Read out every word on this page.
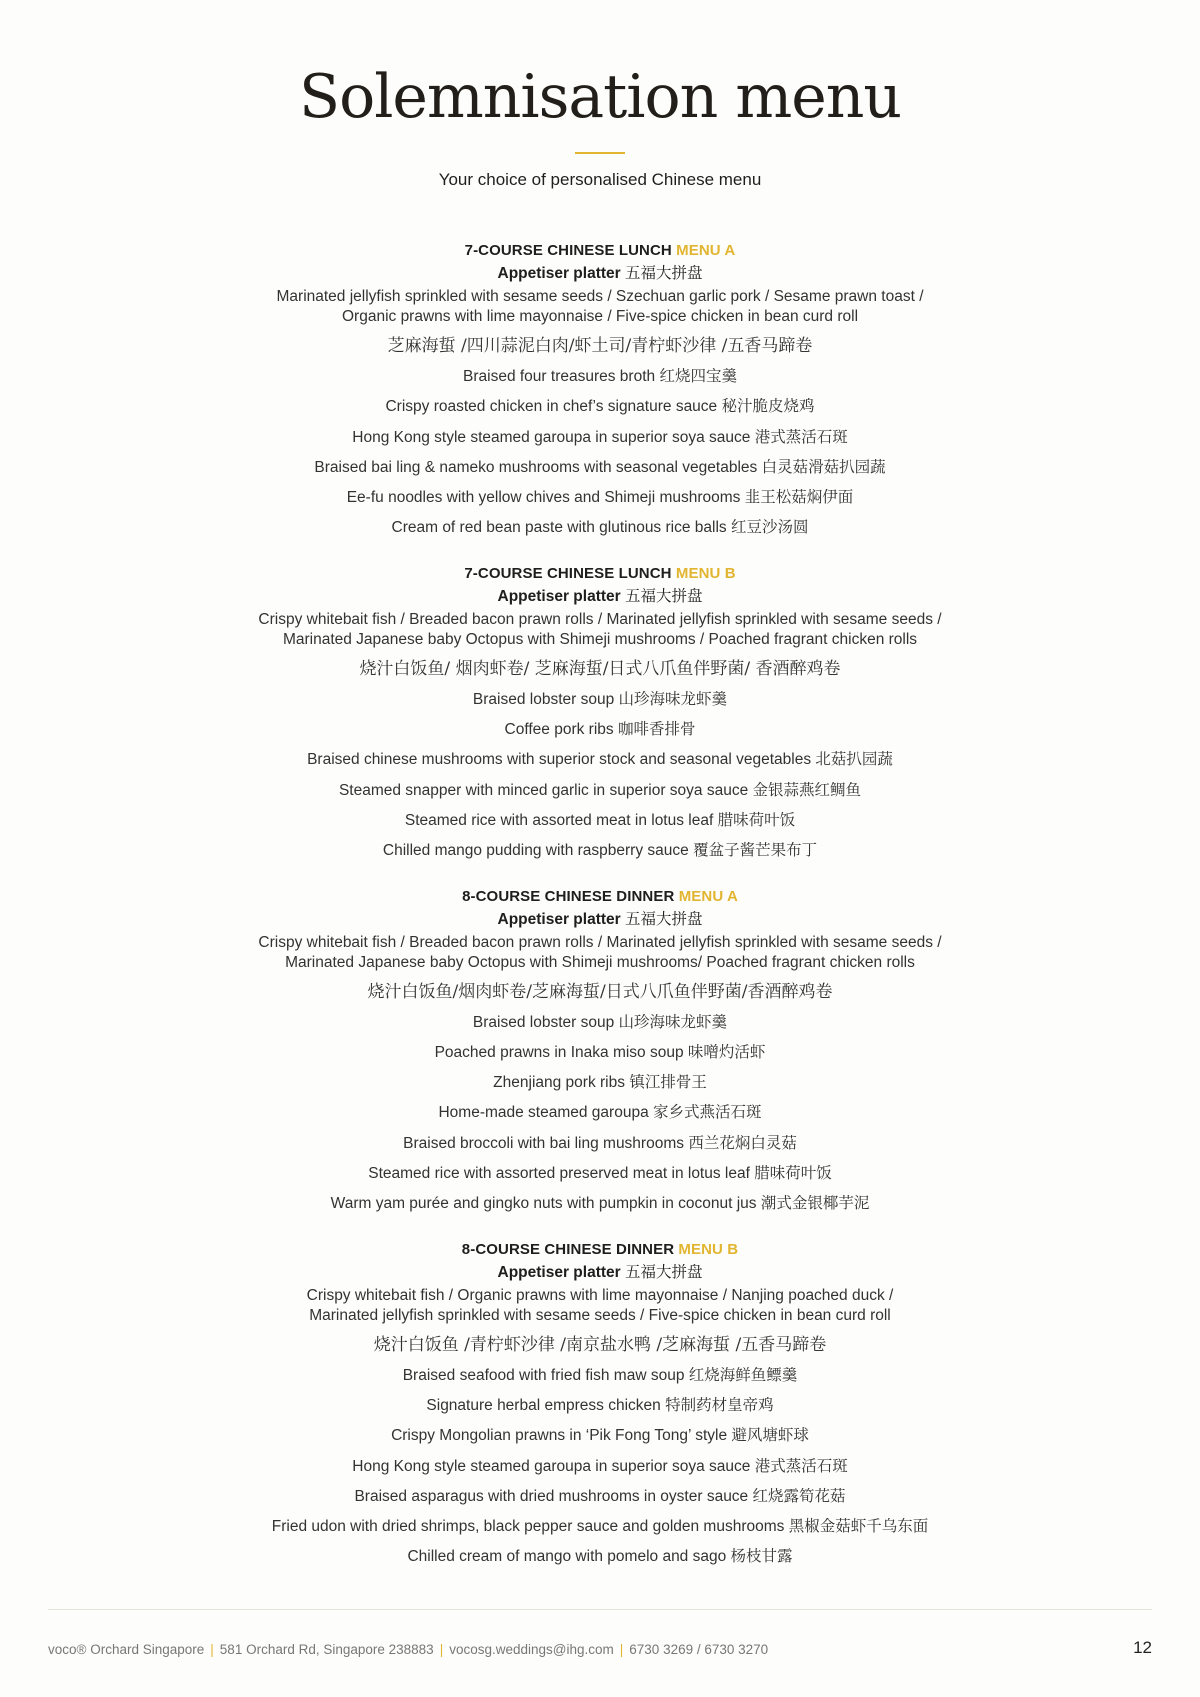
Solemnisation menu
Your choice of personalised Chinese menu
7-COURSE CHINESE LUNCH MENU A
Appetiser platter 五福大拼盘
Marinated jellyfish sprinkled with sesame seeds / Szechuan garlic pork / Sesame prawn toast /
Organic prawns with lime mayonnaise / Five-spice chicken in bean curd roll
芝麻海蜇 /四川蒜泥白肉/虾土司/青柠虾沙律 /五香马蹄卷
Braised four treasures broth 红烧四宝羹
Crispy roasted chicken in chef’s signature sauce 秘汁脆皮烧鸡
Hong Kong style steamed garoupa in superior soya sauce 港式蒸活石斑
Braised bai ling & nameko mushrooms with seasonal vegetables 白灵菇滑菇扒园蔬
Ee-fu noodles with yellow chives and Shimeji mushrooms 韭王松菇焖伊面
Cream of red bean paste with glutinous rice balls 红豆沙汤圆
7-COURSE CHINESE LUNCH MENU B
Appetiser platter 五福大拼盘
Crispy whitebait fish / Breaded bacon prawn rolls / Marinated jellyfish sprinkled with sesame seeds /
Marinated Japanese baby Octopus with Shimeji mushrooms / Poached fragrant chicken rolls
烧汁白饭鱼/ 烟肉虾卷/ 芝麻海蜇/日式八爪鱼伴野菌/ 香酒醉鸡卷
Braised lobster soup 山珍海味龙虾羹
Coffee pork ribs 咖啡香排骨
Braised chinese mushrooms with superior stock and seasonal vegetables 北菇扒园蔬
Steamed snapper with minced garlic in superior soya sauce 金银蒜燕红鲷鱼
Steamed rice with assorted meat in lotus leaf 腊味荷叶饭
Chilled mango pudding with raspberry sauce 覆盆子酱芒果布丁
8-COURSE CHINESE DINNER MENU A
Appetiser platter 五福大拼盘
Crispy whitebait fish / Breaded bacon prawn rolls / Marinated jellyfish sprinkled with sesame seeds /
Marinated Japanese baby Octopus with Shimeji mushrooms/ Poached fragrant chicken rolls
烧汁白饭鱼/烟肉虾卷/芝麻海蜇/日式八爪鱼伴野菌/香酒醉鸡卷
Braised lobster soup 山珍海味龙虾羹
Poached prawns in Inaka miso soup 味噌灼活虾
Zhenjiang pork ribs 镇江排骨王
Home-made steamed garoupa 家乡式燕活石斑
Braised broccoli with bai ling mushrooms 西兰花焖白灵菇
Steamed rice with assorted preserved meat in lotus leaf 腊味荷叶饭
Warm yam purée and gingko nuts with pumpkin in coconut jus 潮式金银椰芋泥
8-COURSE CHINESE DINNER MENU B
Appetiser platter 五福大拼盘
Crispy whitebait fish / Organic prawns with lime mayonnaise / Nanjing poached duck /
Marinated jellyfish sprinkled with sesame seeds / Five-spice chicken in bean curd roll
烧汁白饭鱼 /青柠虾沙律 /南京盐水鸭 /芝麻海蜇 /五香马蹄卷
Braised seafood with fried fish maw soup 红烧海鲜鱼鳔羹
Signature herbal empress chicken 特制药材皇帝鸡
Crispy Mongolian prawns in ‘Pik Fong Tong’ style 避风塘虾球
Hong Kong style steamed garoupa in superior soya sauce 港式蒸活石斑
Braised asparagus with dried mushrooms in oyster sauce 红烧露筍花菇
Fried udon with dried shrimps, black pepper sauce and golden mushrooms 黑椒金菇虾千乌东面
Chilled cream of mango with pomelo and sago 杨枝甘露
voco® Orchard Singapore | 581 Orchard Rd, Singapore 238883 | vocosg.weddings@ihg.com | 6730 3269 / 6730 3270	12
